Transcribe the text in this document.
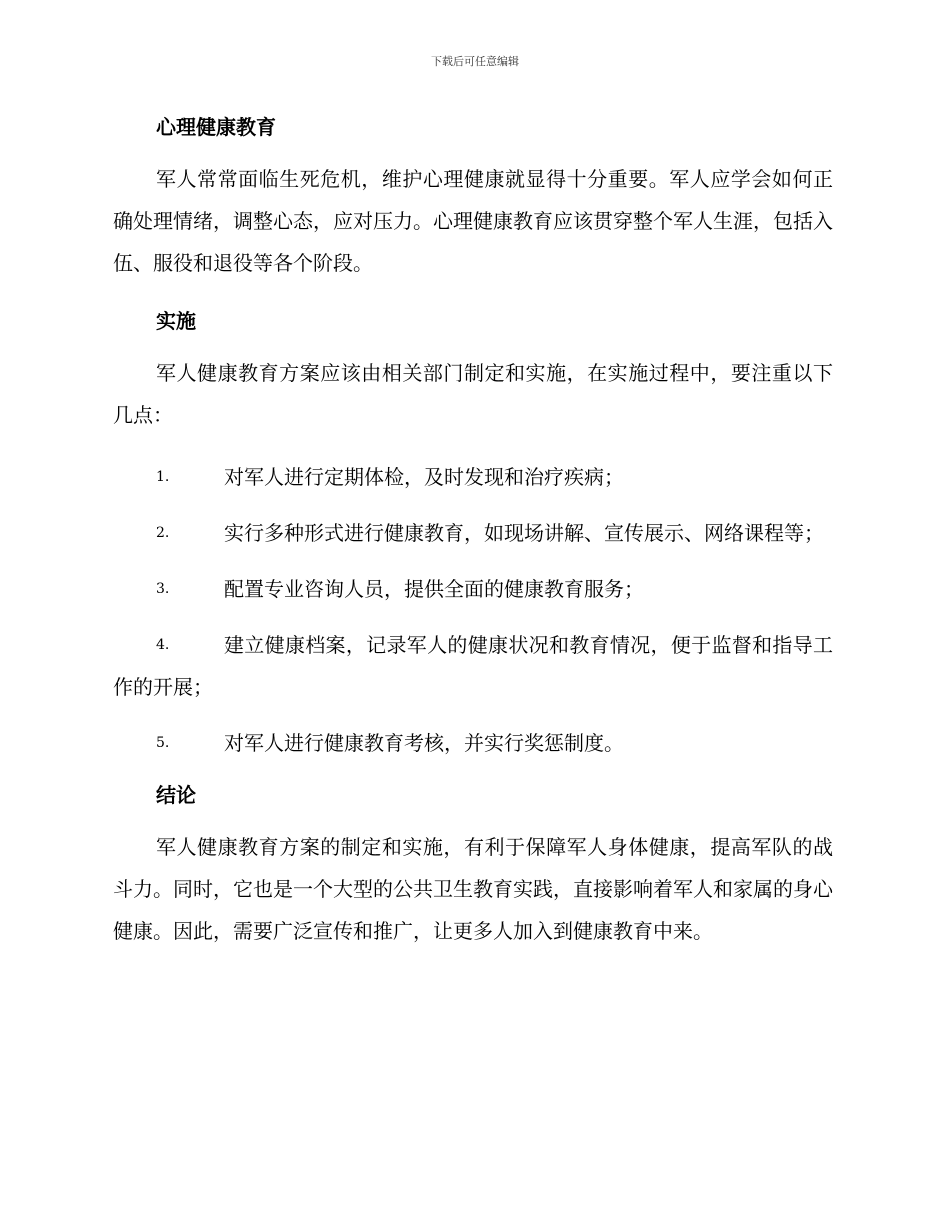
下载后可任意编辑
心理健康教育

军人常常面临生死危机，维护心理健康就显得十分重要。军人应学会如何正确处理情绪，调整心态，应对压力。心理健康教育应该贯穿整个军人生涯，包括入伍、服役和退役等各个阶段。

实施

军人健康教育方案应该由相关部门制定和实施，在实施过程中，要注重以下几点：

1.	对军人进行定期体检，及时发现和治疗疾病；
2.	实行多种形式进行健康教育，如现场讲解、宣传展示、网络课程等；
3.	配置专业咨询人员，提供全面的健康教育服务；
4.	建立健康档案，记录军人的健康状况和教育情况，便于监督和指导工作的开展；
5.	对军人进行健康教育考核，并实行奖惩制度。
结论

军人健康教育方案的制定和实施，有利于保障军人身体健康，提高军队的战斗力。同时，它也是一个大型的公共卫生教育实践，直接影响着军人和家属的身心健康。因此，需要广泛宣传和推广，让更多人加入到健康教育中来。
